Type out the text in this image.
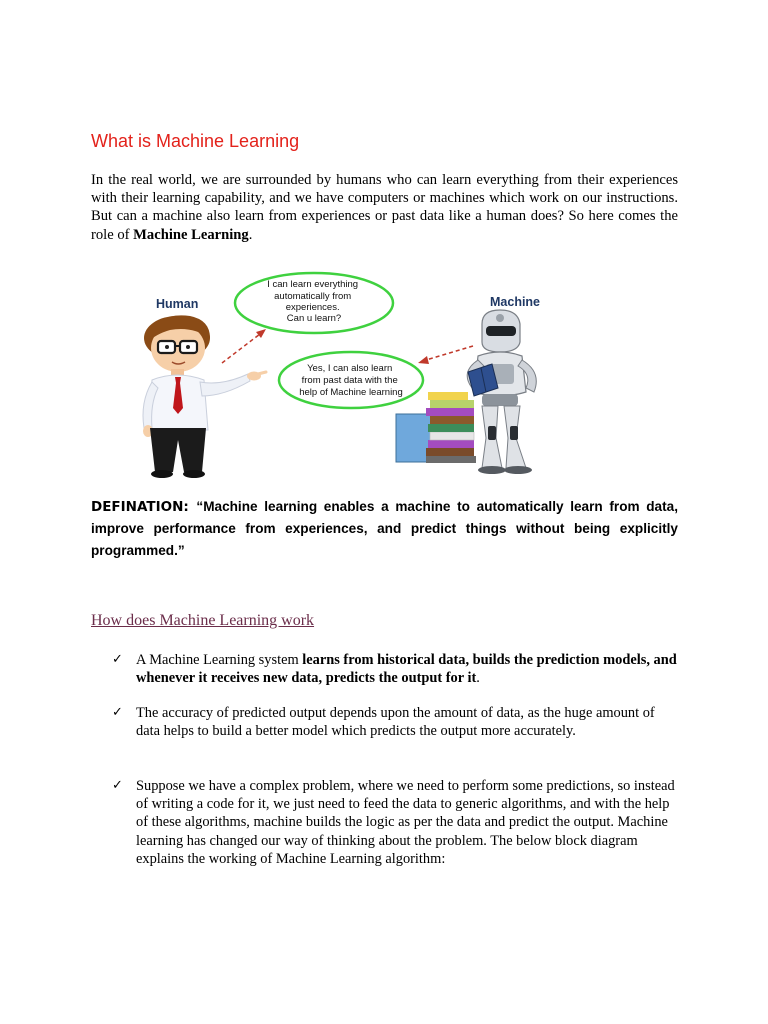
What is Machine Learning

In the real world, we are surrounded by humans who can learn everything from their experiences with their learning capability, and we have computers or machines which work on our instructions. But can a machine also learn from experiences or past data like a human does? So here comes the role of Machine Learning.

Human	Machine
I can learn everything automatically from experiences. Can u learn?
Yes, I can also learn from past data with the help of Machine learning

DEFINATION: “Machine learning enables a machine to automatically learn from data, improve performance from experiences, and predict things without being explicitly programmed.”

How does Machine Learning work
✓ A Machine Learning system learns from historical data, builds the prediction models, and whenever it receives new data, predicts the output for it.
✓ The accuracy of predicted output depends upon the amount of data, as the huge amount of data helps to build a better model which predicts the output more accurately.
✓ Suppose we have a complex problem, where we need to perform some predictions, so instead of writing a code for it, we just need to feed the data to generic algorithms, and with the help of these algorithms, machine builds the logic as per the data and predict the output. Machine learning has changed our way of thinking about the problem. The below block diagram explains the working of Machine Learning algorithm:
